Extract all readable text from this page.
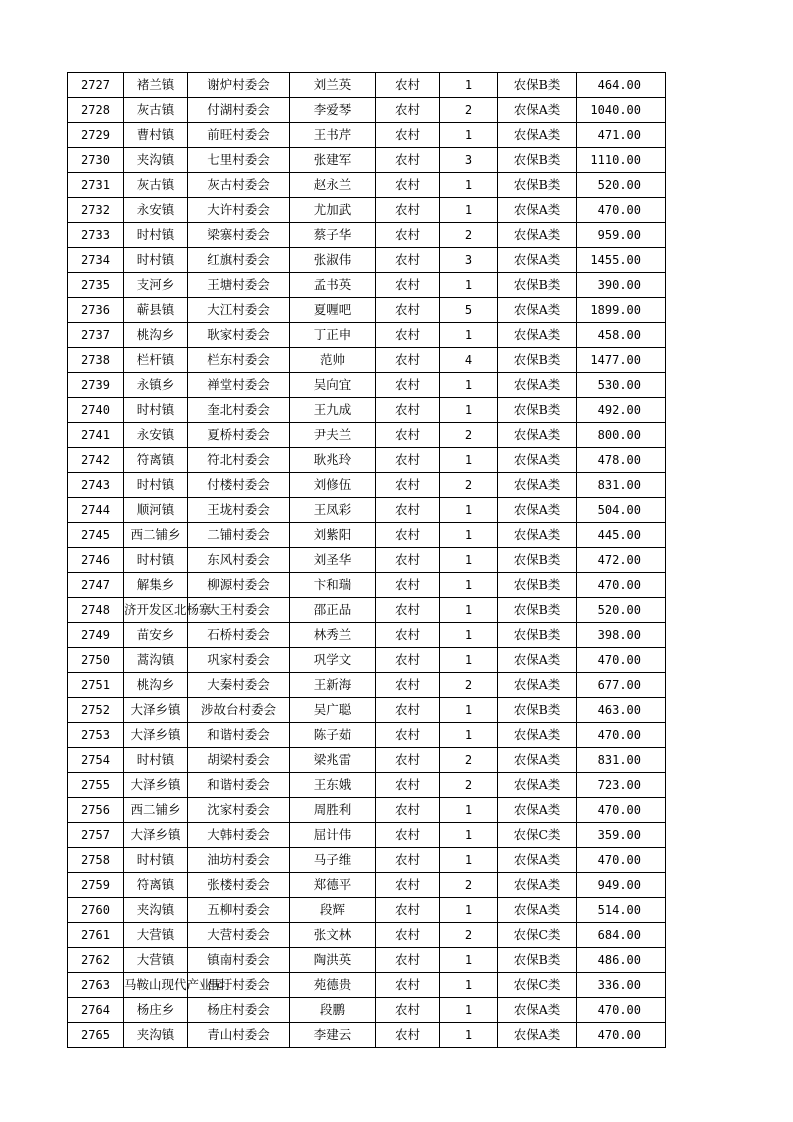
2727	褚兰镇	谢炉村委会	刘兰英	农村	1	农保B类	464.00
2728	灰古镇	付湖村委会	李爱琴	农村	2	农保A类	1040.00
2729	曹村镇	前旺村委会	王书芹	农村	1	农保A类	471.00
2730	夹沟镇	七里村委会	张建军	农村	3	农保B类	1110.00
2731	灰古镇	灰古村委会	赵永兰	农村	1	农保B类	520.00
2732	永安镇	大许村委会	尤加武	农村	1	农保A类	470.00
2733	时村镇	梁寨村委会	蔡子华	农村	2	农保A类	959.00
2734	时村镇	红旗村委会	张淑伟	农村	3	农保A类	1455.00
2735	支河乡	王塘村委会	孟书英	农村	1	农保B类	390.00
2736	蕲县镇	大江村委会	夏喱吧	农村	5	农保A类	1899.00
2737	桃沟乡	耿家村委会	丁正申	农村	1	农保A类	458.00
2738	栏杆镇	栏东村委会	范帅	农村	4	农保B类	1477.00
2739	永镇乡	禅堂村委会	吴向宜	农村	1	农保A类	530.00
2740	时村镇	奎北村委会	王九成	农村	1	农保B类	492.00
2741	永安镇	夏桥村委会	尹夫兰	农村	2	农保A类	800.00
2742	符离镇	符北村委会	耿兆玲	农村	1	农保A类	478.00
2743	时村镇	付楼村委会	刘修伍	农村	2	农保A类	831.00
2744	顺河镇	王垅村委会	王凤彩	农村	1	农保A类	504.00
2745	西二铺乡	二铺村委会	刘紫阳	农村	1	农保A类	445.00
2746	时村镇	东风村委会	刘圣华	农村	1	农保B类	472.00
2747	解集乡	柳源村委会	卞和瑞	农村	1	农保B类	470.00
2748	济开发区北杨寨	大王村委会	邵正品	农村	1	农保B类	520.00
2749	苗安乡	石桥村委会	林秀兰	农村	1	农保B类	398.00
2750	蒿沟镇	巩家村委会	巩学文	农村	1	农保A类	470.00
2751	桃沟乡	大秦村委会	王新海	农村	2	农保A类	677.00
2752	大泽乡镇	涉故台村委会	吴广聪	农村	1	农保B类	463.00
2753	大泽乡镇	和谐村委会	陈子茹	农村	1	农保A类	470.00
2754	时村镇	胡梁村委会	梁兆雷	农村	2	农保A类	831.00
2755	大泽乡镇	和谐村委会	王东娥	农村	2	农保A类	723.00
2756	西二铺乡	沈家村委会	周胜利	农村	1	农保A类	470.00
2757	大泽乡镇	大韩村委会	屈计伟	农村	1	农保C类	359.00
2758	时村镇	油坊村委会	马子维	农村	1	农保A类	470.00
2759	符离镇	张楼村委会	郑德平	农村	2	农保A类	949.00
2760	夹沟镇	五柳村委会	段辉	农村	1	农保A类	514.00
2761	大营镇	大营村委会	张文林	农村	2	农保C类	684.00
2762	大营镇	镇南村委会	陶洪英	农村	1	农保B类	486.00
2763	马鞍山现代产业园	昌圩村委会	苑德贵	农村	1	农保C类	336.00
2764	杨庄乡	杨庄村委会	段鹏	农村	1	农保A类	470.00
2765	夹沟镇	青山村委会	李建云	农村	1	农保A类	470.00
